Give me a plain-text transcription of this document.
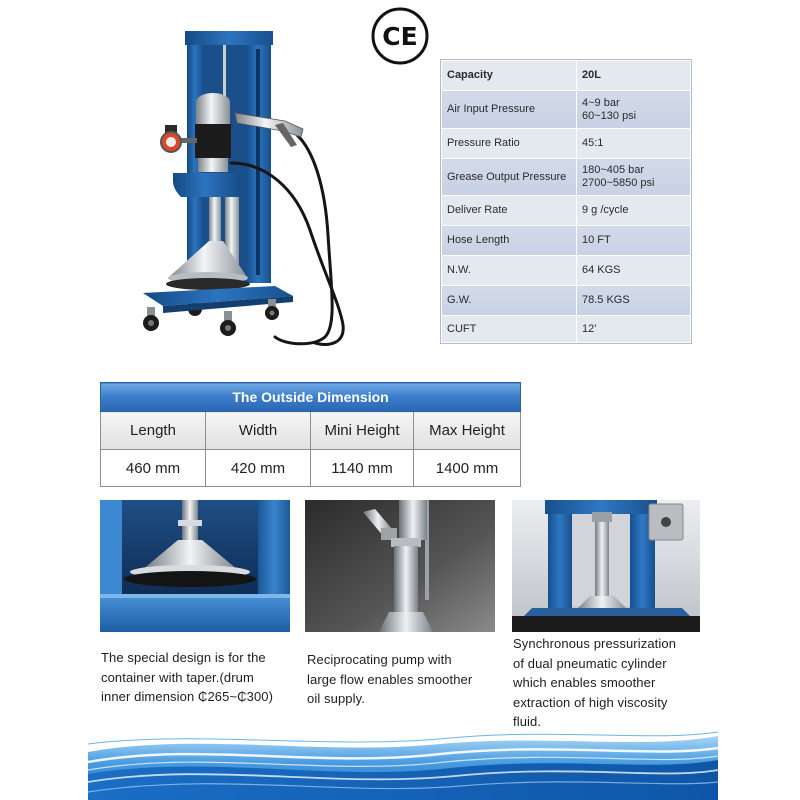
CE
Capacity	20L

Air Input Pressure	4~9 bar
60~130 psi

Pressure Ratio	45:1

Grease Output Pressure	180~405 bar
2700~5850 psi

Deliver Rate	9 g /cycle

Hose Length	10 FT

N.W.	64 KGS

G.W.	78.5 KGS

CUFT	12’
The Outside Dimension			
Length	Width	Mini Height	Max Height
460 mm	420 mm	1140 mm	1400 mm
The special design is for the
container with taper.(drum
inner dimension ₵265~₵300)
Reciprocating pump with
large flow enables smoother
oil supply.
Synchronous pressurization
of dual pneumatic cylinder
which enables smoother
extraction of high viscosity
fluid.
